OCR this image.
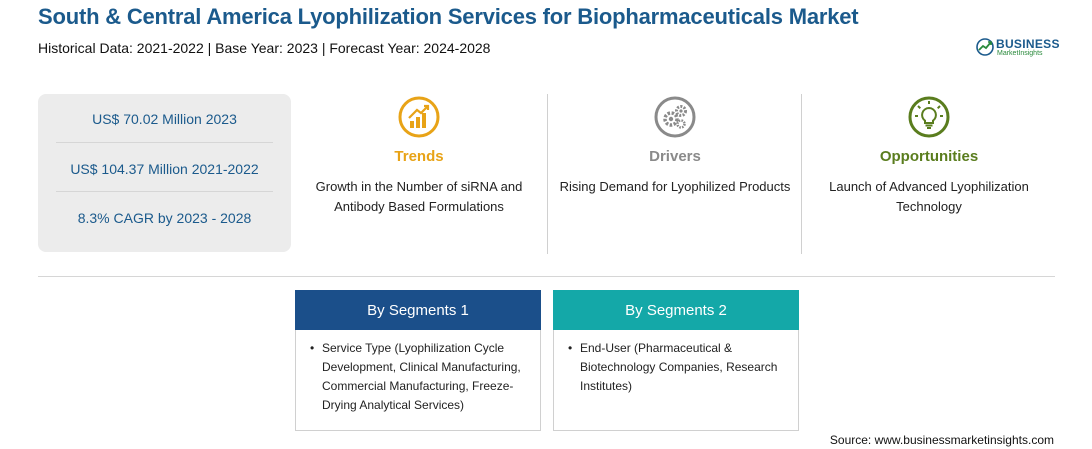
South & Central America Lyophilization Services for Biopharmaceuticals Market
Historical Data: 2021-2022 | Base Year: 2023 | Forecast Year: 2024-2028	BUSINESS
MarketInsights
US$ 70.02 Million 2023
US$ 104.37 Million 2021-2022
8.3% CAGR by 2023 - 2028
Trends
Growth in the Number of siRNA and Antibody Based Formulations
Drivers
Rising Demand for Lyophilized Products
Opportunities
Launch of Advanced Lyophilization Technology
By Segments 1
• Service Type (Lyophilization Cycle Development, Clinical Manufacturing, Commercial Manufacturing, Freeze-Drying Analytical Services)
By Segments 2
• End-User (Pharmaceutical & Biotechnology Companies, Research Institutes)
Source: www.businessmarketinsights.com
